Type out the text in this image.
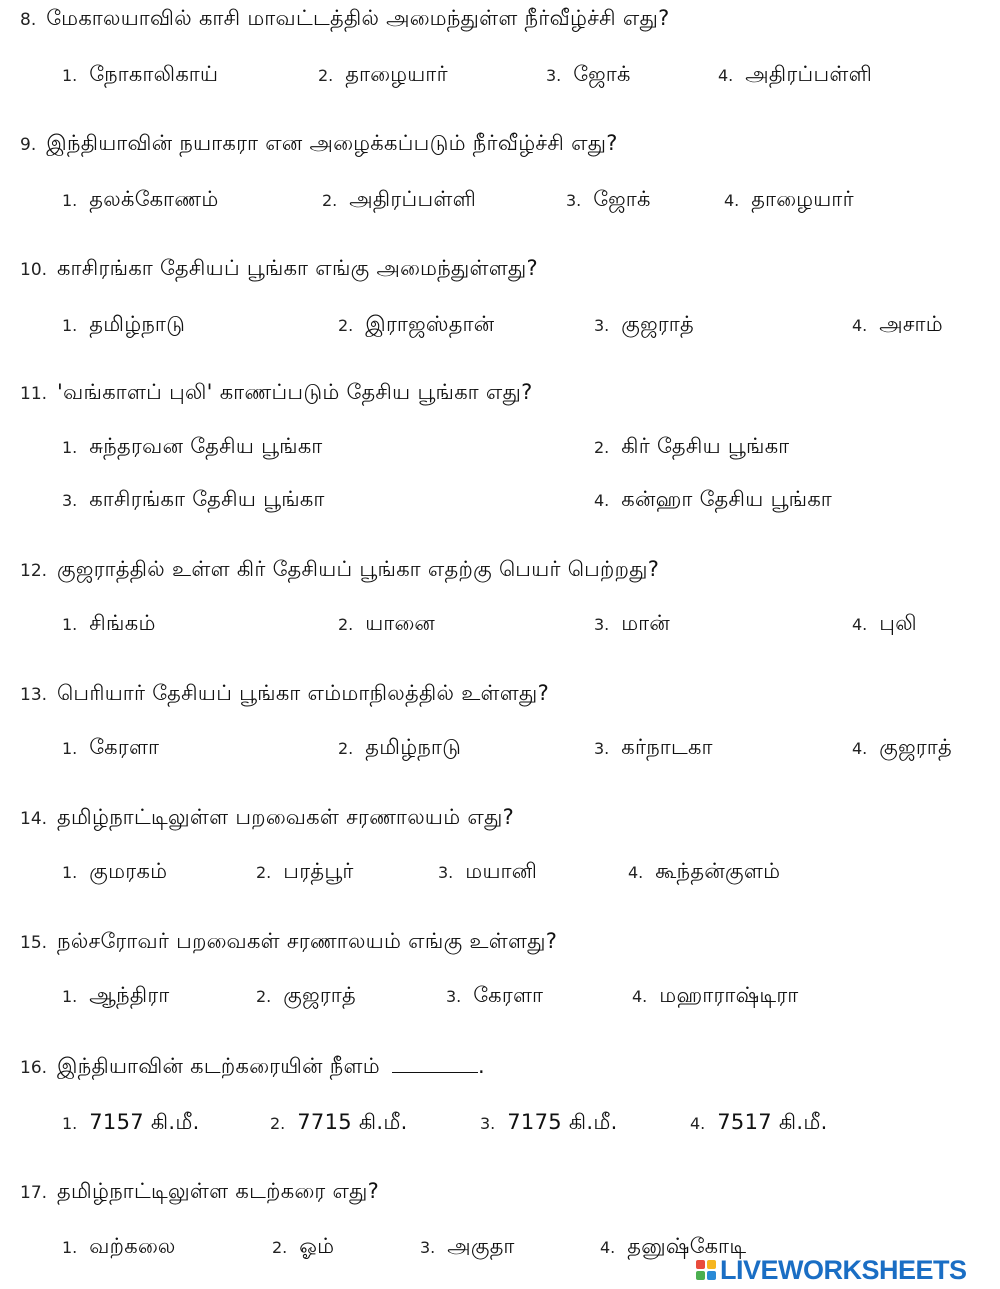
8. மேகாலயாவில் காசி மாவட்டத்தில் அமைந்துள்ள நீர்வீழ்ச்சி எது?
1. நோகாலிகாய்	2. தாழையார்	3. ஜோக்	4. அதிரப்பள்ளி
9. இந்தியாவின் நயாகரா என அழைக்கப்படும் நீர்வீழ்ச்சி எது?
1. தலக்கோணம்	2. அதிரப்பள்ளி	3. ஜோக்	4. தாழையார்
10. காசிரங்கா தேசியப் பூங்கா எங்கு அமைந்துள்ளது?
1. தமிழ்நாடு	2. இராஜஸ்தான்	3. குஜராத்	4. அசாம்
11. 'வங்காளப் புலி' காணப்படும் தேசிய பூங்கா எது?
1. சுந்தரவன தேசிய பூங்கா	2. கிர் தேசிய பூங்கா
3. காசிரங்கா தேசிய பூங்கா	4. கன்ஹா தேசிய பூங்கா
12. குஜராத்தில் உள்ள கிர் தேசியப் பூங்கா எதற்கு பெயர் பெற்றது?
1. சிங்கம்	2. யானை	3. மான்	4. புலி
13. பெரியார் தேசியப் பூங்கா எம்மாநிலத்தில் உள்ளது?
1. கேரளா	2. தமிழ்நாடு	3. கர்நாடகா	4. குஜராத்
14. தமிழ்நாட்டிலுள்ள பறவைகள் சரணாலயம் எது?
1. குமரகம்	2. பரத்பூர்	3. மயானி	4. கூந்தன்குளம்
15. நல்சரோவர் பறவைகள் சரணாலயம் எங்கு உள்ளது?
1. ஆந்திரா	2. குஜராத்	3. கேரளா	4. மஹாராஷ்டிரா
16. இந்தியாவின் கடற்கரையின் நீளம்	.
1. 7157 கி.மீ.	2. 7715 கி.மீ.	3. 7175 கி.மீ.	4. 7517 கி.மீ.
17. தமிழ்நாட்டிலுள்ள கடற்கரை எது?
1. வற்கலை	2. ஓம்	3. அகுதா	4. தனுஷ்கோடி
LIVEWORKSHEETS
